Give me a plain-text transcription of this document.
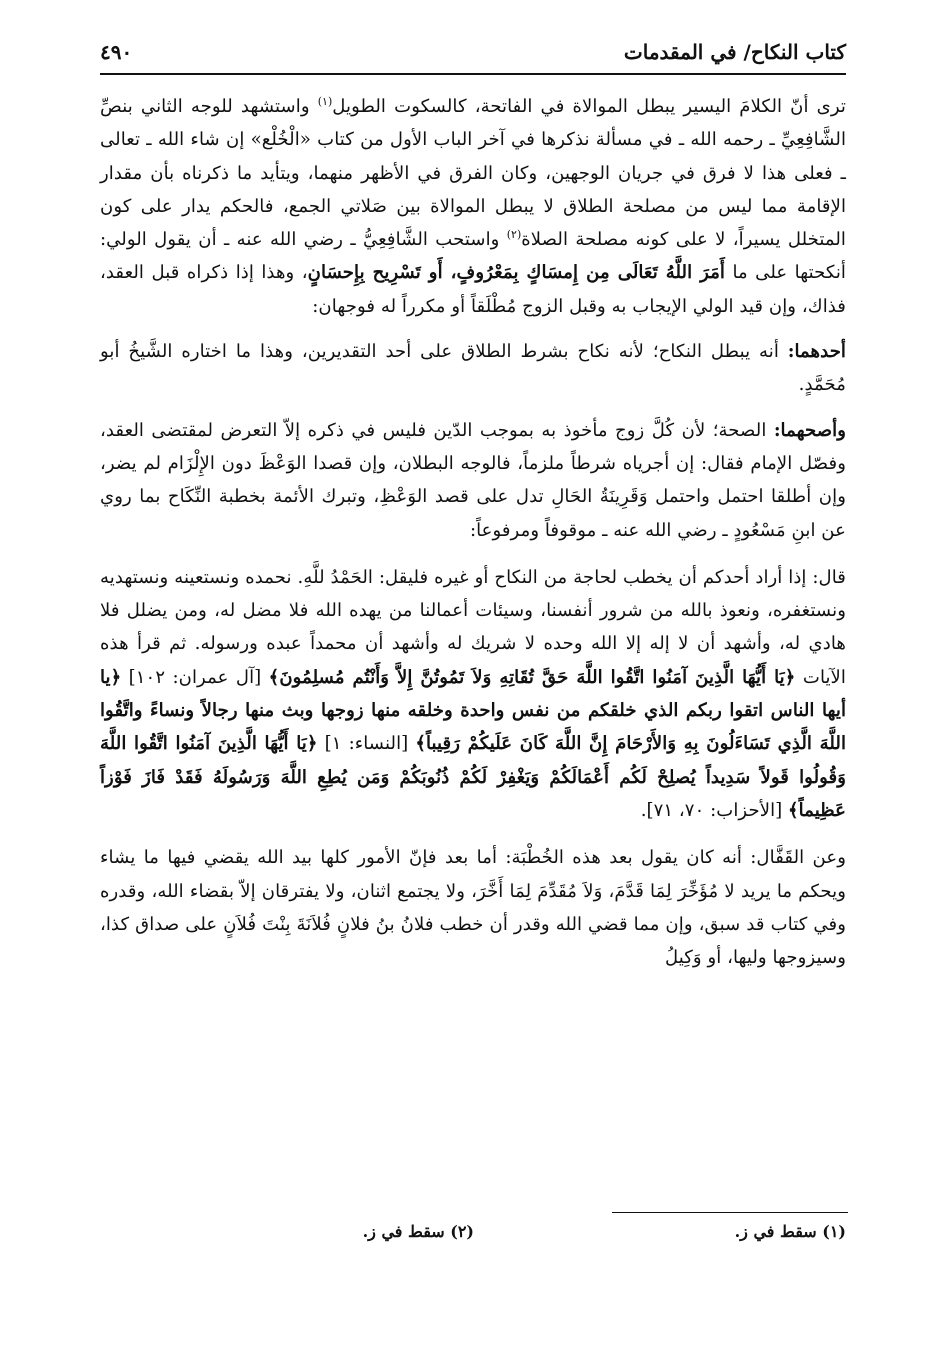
كتاب النكاح/ في المقدمات
٤٩٠

ترى أنّ الكلامَ اليسير يبطل الموالاة في الفاتحة، كالسكوت الطويل$^{(١)}$ واستشهد للوجه الثاني بنصِّ الشَّافِعِيِّ ـ رحمه الله ـ في مسألة نذكرها في آخر الباب الأول من كتاب «الْخُلْع» إن شاء الله ـ تعالى ـ فعلى هذا لا فرق في جريان الوجهين، وكان الفرق في الأظهر منهما، ويتأيد ما ذكرناه بأن مقدار الإقامة مما ليس من مصلحة الطلاق لا يبطل الموالاة بين صَلاتي الجمع، فالحكم يدار على كون المتخلل يسيراً، لا على كونه مصلحة الصلاة$^{(٢)}$ واستحب الشَّافِعِيُّ ـ رضي الله عنه ـ أن يقول الولي: أنكحتها على ما أَمَرَ اللَّهُ تَعَالَى مِن إِمسَاكٍ بِمَعْرُوفٍ، أَو تَسْرِيح بِإِحسَانٍ، وهذا إذا ذكراه قبل العقد، فذاك، وإن قيد الولي الإيجاب به وقبل الزوج مُطْلَقاً أو مكرراً له فوجهان:

أحدهما: أنه يبطل النكاح؛ لأنه نكاح بشرط الطلاق على أحد التقديرين، وهذا ما اختاره الشَّيخُ أبو مُحَمَّدٍ.

وأصحهما: الصحة؛ لأن كُلَّ زوج مأخوذ به بموجب الدّين فليس في ذكره إلاّ التعرض لمقتضى العقد، وفصّل الإمام فقال: إن أجرياه شرطاً ملزماً، فالوجه البطلان، وإن قصدا الوَعْظَ دون الإِلْزَام لم يضر، وإن أطلقا احتمل واحتمل وَقَرِينَةُ الحَالِ تدل على قصد الوَعْظِ، وتبرك الأئمة بخطبة النِّكَاح بما روي عن ابنِ مَسْعُودٍ ـ رضي الله عنه ـ موقوفاً ومرفوعاً:

قال: إذا أراد أحدكم أن يخطب لحاجة من النكاح أو غيره فليقل: الحَمْدُ للَّهِ. نحمده ونستعينه ونستهديه ونستغفره، ونعوذ بالله من شرور أنفسنا، وسيئات أعمالنا من يهده الله فلا مضل له، ومن يضلل فلا هادي له، وأشهد أن لا إله إلا الله وحده لا شريك له وأشهد أن محمداً عبده ورسوله. ثم قرأ هذه الآيات ﴿يَا أَيُّهَا الَّذِينَ آمَنُوا اتَّقُوا اللَّهَ حَقَّ تُقَاتِهِ وَلاَ تَمُوتُنَّ إِلاَّ وَأَنْتُم مُسلِمُونَ﴾ [آل عمران: ١٠٢] ﴿يا أيها الناس اتقوا ربكم الذي خلقكم من نفس واحدة وخلقه منها زوجها وبث منها رجالاً ونساءً واتَّقُوا اللَّهَ الَّذِي تَسَاءَلُونَ بِهِ وَالأَرْحَامَ إِنَّ اللَّهَ كَانَ عَلَيكُمْ رَقِيباً﴾ [النساء: ١] ﴿يَا أَيُّهَا الَّذِينَ آمَنُوا اتَّقُوا اللَّهَ وَقُولُوا قَولاً سَدِيداً يُصلِحْ لَكُم أَعْمَالَكُمْ وَيَغْفِرْ لَكُمْ ذُنُوبَكُمْ وَمَن يُطِعِ اللَّهَ وَرَسُولَهُ فَقَدْ فَازَ فَوْزاً عَظِيماً﴾ [الأحزاب: ٧٠، ٧١].

وعن القَفَّال: أنه كان يقول بعد هذه الخُطْبَة: أما بعد فإنّ الأمور كلها بيد الله يقضي فيها ما يشاء ويحكم ما يريد لا مُؤَخِّرَ لِمَا قَدَّمَ، وَلاَ مُقَدِّمَ لِمَا أَخَّرَ، ولا يجتمع اثنان، ولا يفترقان إلاّ بقضاء الله، وقدره وفي كتاب قد سبق، وإن مما قضي الله وقدر أن خطب فلانُ بنُ فلانٍ فُلاَنَةَ بِنْتَ فُلاَنٍ على صداق كذا، وسيزوجها وليها، أو وَكِيلُ

(١) سقط في ز.
(٢) سقط في ز.
